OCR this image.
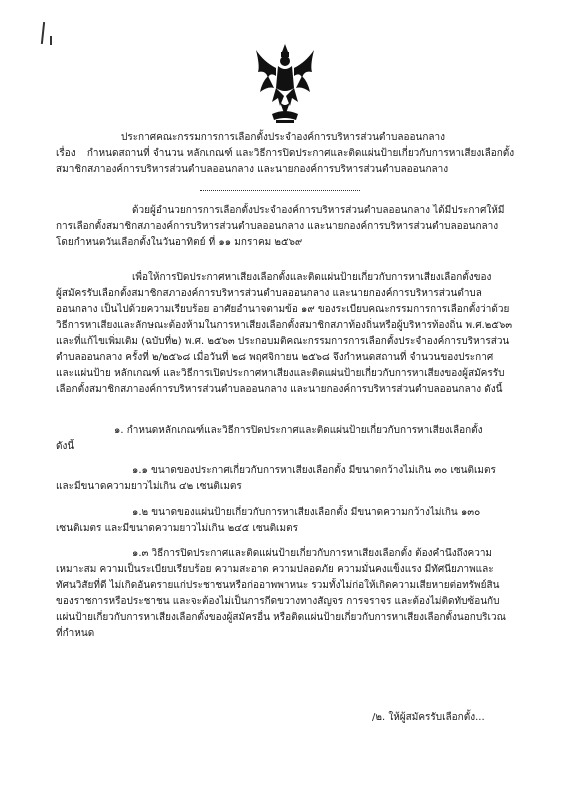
ประกาศคณะกรรมการการเลือกตั้งประจำองค์การบริหารส่วนตำบลออนกลาง
เรื่อง กำหนดสถานที่ จำนวน หลักเกณฑ์ และวิธีการปิดประกาศและติดแผ่นป้ายเกี่ยวกับการหาเสียงเลือกตั้ง
สมาชิกสภาองค์การบริหารส่วนตำบลออนกลาง และนายกองค์การบริหารส่วนตำบลออนกลาง
ด้วยผู้อำนวยการการเลือกตั้งประจำองค์การบริหารส่วนตำบลออนกลาง ได้มีประกาศให้มี
การเลือกตั้งสมาชิกสภาองค์การบริหารส่วนตำบลออนกลาง และนายกองค์การบริหารส่วนตำบลออนกลาง
โดยกำหนดวันเลือกตั้งในวันอาทิตย์ ที่ ๑๑ มกราคม ๒๕๖๙
เพื่อให้การปิดประกาศหาเสียงเลือกตั้งและติดแผ่นป้ายเกี่ยวกับการหาเสียงเลือกตั้งของ
ผู้สมัครรับเลือกตั้งสมาชิกสภาองค์การบริหารส่วนตำบลออนกลาง และนายกองค์การบริหารส่วนตำบล
ออนกลาง เป็นไปด้วยความเรียบร้อย อาศัยอำนาจตามข้อ ๑๙ ของระเบียบคณะกรรมการการเลือกตั้งว่าด้วย
วิธีการหาเสียงและลักษณะต้องห้ามในการหาเสียงเลือกตั้งสมาชิกสภาท้องถิ่นหรือผู้บริหารท้องถิ่น พ.ศ.๒๕๖๓
และที่แก้ไขเพิ่มเติม (ฉบับที่๒) พ.ศ. ๒๕๖๓ ประกอบมติคณะกรรมการการเลือกตั้งประจำองค์การบริหารส่วน
ตำบลออนกลาง ครั้งที่ ๒/๒๕๖๘ เมื่อวันที่ ๒๘ พฤศจิกายน ๒๕๖๘ จึงกำหนดสถานที่ จำนวนของประกาศ
และแผ่นป้าย หลักเกณฑ์ และวิธีการเปิดประกาศหาเสียงและติดแผ่นป้ายเกี่ยวกับการหาเสียงของผู้สมัครรับ
เลือกตั้งสมาชิกสภาองค์การบริหารส่วนตำบลออนกลาง และนายกองค์การบริหารส่วนตำบลออนกลาง ดังนี้
๑. กำหนดหลักเกณฑ์และวิธีการปิดประกาศและติดแผ่นป้ายเกี่ยวกับการหาเสียงเลือกตั้ง
ดังนี้
๑.๑ ขนาดของประกาศเกี่ยวกับการหาเสียงเลือกตั้ง มีขนาดกว้างไม่เกิน ๓๐ เซนติเมตร
และมีขนาดความยาวไม่เกิน ๔๒ เซนติเมตร
๑.๒ ขนาดของแผ่นป้ายเกี่ยวกับการหาเสียงเลือกตั้ง มีขนาดความกว้างไม่เกิน ๑๓๐
เซนติเมตร และมีขนาดความยาวไม่เกิน ๒๔๕ เซนติเมตร
๑.๓ วิธีการปิดประกาศและติดแผ่นป้ายเกี่ยวกับการหาเสียงเลือกตั้ง ต้องคำนึงถึงความ
เหมาะสม ความเป็นระเบียบเรียบร้อย ความสะอาด ความปลอดภัย ความมั่นคงแข็งแรง มีทัศนียภาพและ
ทัศนวิสัยที่ดี ไม่เกิดอันตรายแก่ประชาชนหรือก่ออาพพาหนะ รวมทั้งไม่ก่อให้เกิดความเสียหายต่อทรัพย์สิน
ของราชการหรือประชาชน และจะต้องไม่เป็นการกีดขวางทางสัญจร การจราจร และต้องไม่ติดทับซ้อนกับ
แผ่นป้ายเกี่ยวกับการหาเสียงเลือกตั้งของผู้สมัครอื่น หรือติดแผ่นป้ายเกี่ยวกับการหาเสียงเลือกตั้งนอกบริเวณ
ที่กำหนด
/๒. ให้ผู้สมัครรับเลือกตั้ง...
